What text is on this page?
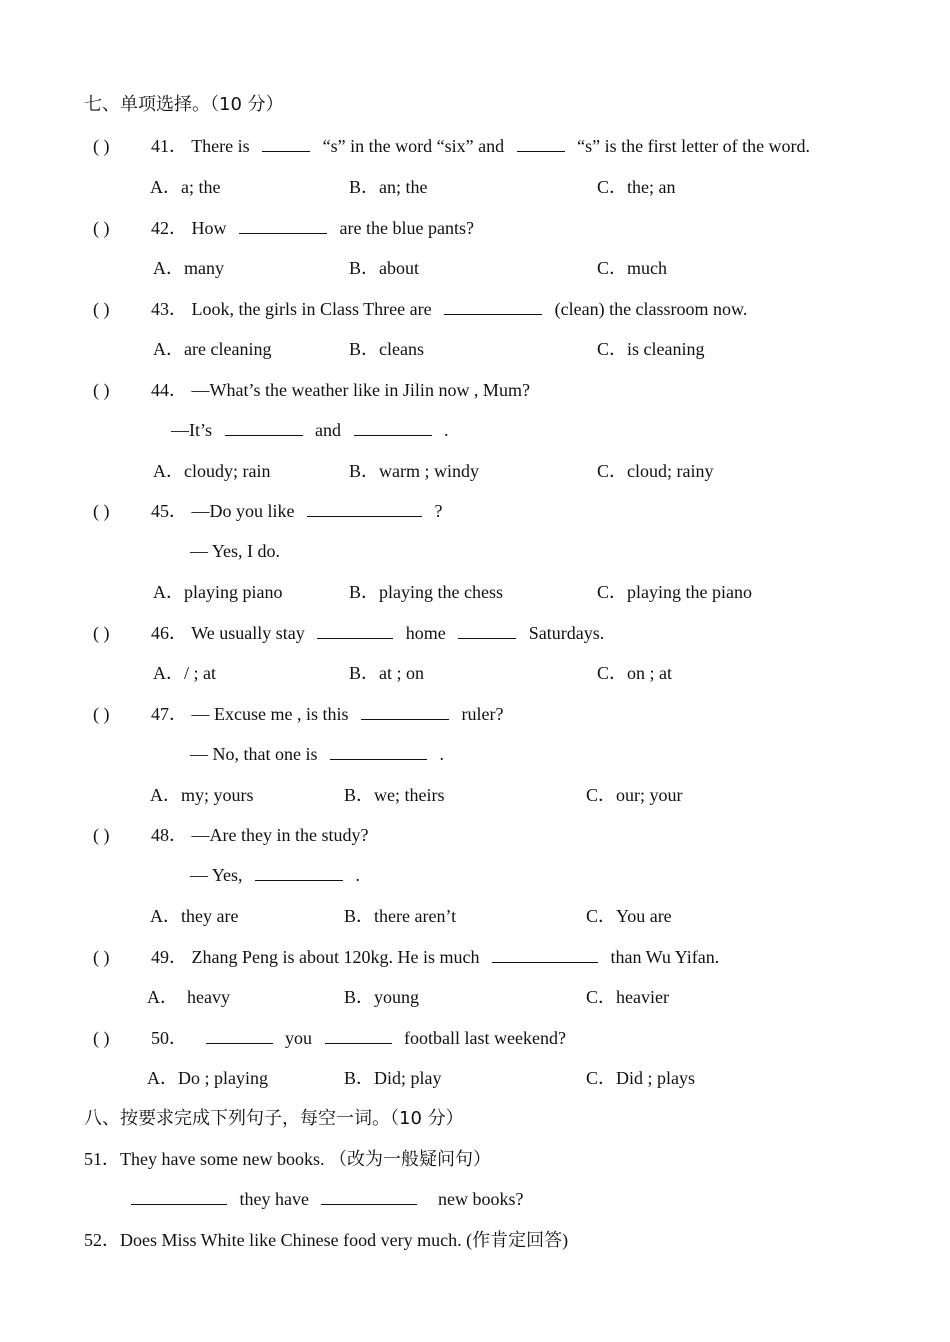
七、单项选择。（10 分）
( ) 41． There is	“s” in the word “six” and	“s” is the first letter of the word.
A．a; the	B．an; the	C．the; an
( ) 42． How	are the blue pants?
A．many	B．about	C．much
( ) 43． Look, the girls in Class Three are	(clean) the classroom now.
A．are cleaning	B．cleans	C．is cleaning
( ) 44． —What’s the weather like in Jilin now , Mum?
—It’s	and	.
A．cloudy; rain	B．warm ; windy	C．cloud; rainy
( ) 45． —Do you like	?
— Yes, I do.
A．playing piano	B．playing the chess	C．playing the piano
( ) 46． We usually stay	home	Saturdays.
A．/ ; at	B．at ; on	C．on ; at
( ) 47． — Excuse me , is this	ruler?
— No, that one is	.
A．my; yours	B．we; theirs	C．our; your
( ) 48． —Are they in the study?
— Yes,	.
A．they are	B．there aren’t	C．You are
( ) 49． Zhang Peng is about 120kg. He is much	than Wu Yifan.
A．  heavy	B．young	C．heavier
( ) 50．	you	football last weekend?
A．Do ; playing	B．Did; play	C．Did ; plays
八、按要求完成下列句子，每空一词。（10 分）
51．They have some new books. （改为一般疑问句）
they have	new books?
52．Does Miss White like Chinese food very much. (作肯定回答)
